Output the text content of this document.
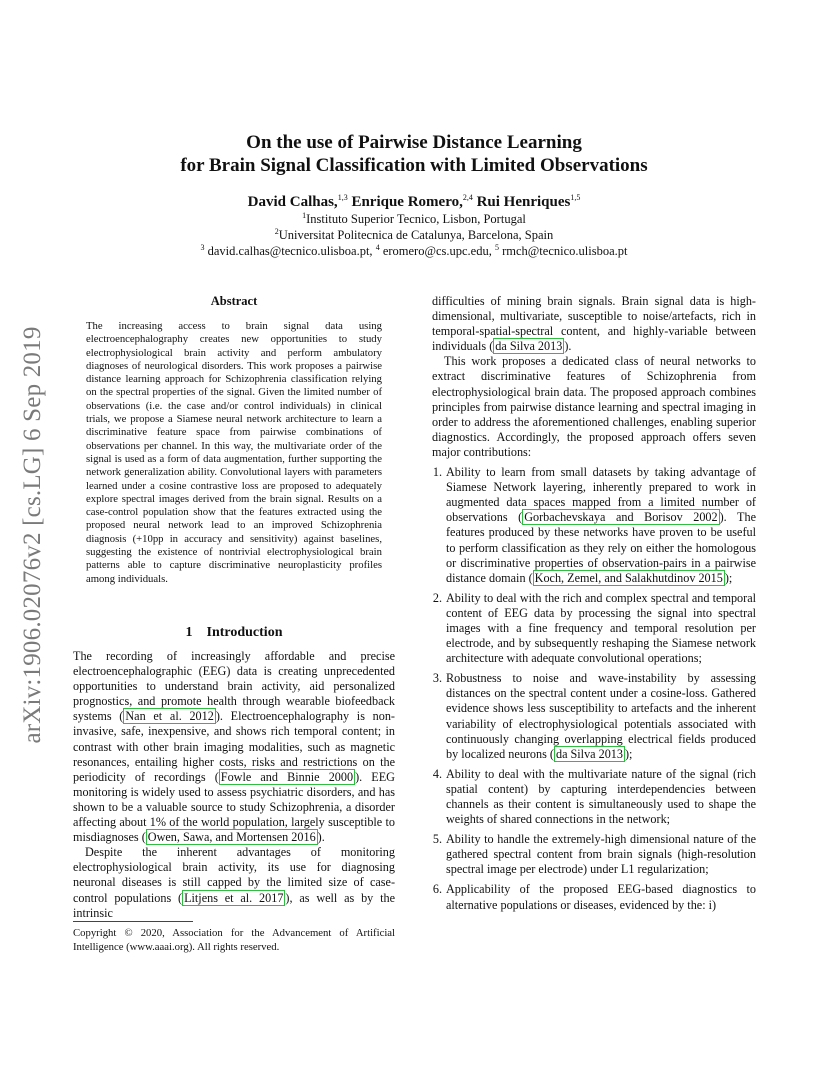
arXiv:1906.02076v2 [cs.LG] 6 Sep 2019
On the use of Pairwise Distance Learning
for Brain Signal Classification with Limited Observations
David Calhas,$^{1,3}$ Enrique Romero,$^{2,4}$ Rui Henriques$^{1,5}$
$^1$Instituto Superior Tecnico, Lisbon, Portugal
$^2$Universitat Politecnica de Catalunya, Barcelona, Spain
$^3$ david.calhas@tecnico.ulisboa.pt, $^4$ eromero@cs.upc.edu, $^5$ rmch@tecnico.ulisboa.pt
Abstract

The increasing access to brain signal data using electroencephalography creates new opportunities to study electrophysiological brain activity and perform ambulatory diagnoses of neurological disorders. This work proposes a pairwise distance learning approach for Schizophrenia classification relying on the spectral properties of the signal. Given the limited number of observations (i.e. the case and/or control individuals) in clinical trials, we propose a Siamese neural network architecture to learn a discriminative feature space from pairwise combinations of observations per channel. In this way, the multivariate order of the signal is used as a form of data augmentation, further supporting the network generalization ability. Convolutional layers with parameters learned under a cosine contrastive loss are proposed to adequately explore spectral images derived from the brain signal. Results on a case-control population show that the features extracted using the proposed neural network lead to an improved Schizophrenia diagnosis (+10pp in accuracy and sensitivity) against baselines, suggesting the existence of nontrivial electrophysiological brain patterns able to capture discriminative neuroplasticity profiles among individuals.

1 Introduction

The recording of increasingly affordable and precise electroencephalographic (EEG) data is creating unprecedented opportunities to understand brain activity, aid personalized prognostics, and promote health through wearable biofeedback systems ( Nan et al. 2012 ). Electroencephalography is non-invasive, safe, inexpensive, and shows rich temporal content; in contrast with other brain imaging modalities, such as magnetic resonances, entailing higher costs, risks and restrictions on the periodicity of recordings ( Fowle and Binnie 2000 ). EEG monitoring is widely used to assess psychiatric disorders, and has shown to be a valuable source to study Schizophrenia, a disorder affecting about 1% of the world population, largely susceptible to misdiagnoses ( Owen, Sawa, and Mortensen 2016 ).

Despite the inherent advantages of monitoring electrophysiological brain activity, its use for diagnosing neuronal diseases is still capped by the limited size of case-control populations ( Litjens et al. 2017 ), as well as by the intrinsic

Copyright © 2020, Association for the Advancement of Artificial Intelligence (www.aaai.org). All rights reserved.

difficulties of mining brain signals. Brain signal data is high-dimensional, multivariate, susceptible to noise/artefacts, rich in temporal-spatial-spectral content, and highly-variable between individuals ( da Silva 2013 ).

This work proposes a dedicated class of neural networks to extract discriminative features of Schizophrenia from electrophysiological brain data. The proposed approach combines principles from pairwise distance learning and spectral imaging in order to address the aforementioned challenges, enabling superior diagnostics. Accordingly, the proposed approach offers seven major contributions:

1. Ability to learn from small datasets by taking advantage of Siamese Network layering, inherently prepared to work in augmented data spaces mapped from a limited number of observations ( Gorbachevskaya and Borisov 2002 ). The features produced by these networks have proven to be useful to perform classification as they rely on either the homologous or discriminative properties of observation-pairs in a pairwise distance domain ( Koch, Zemel, and Salakhutdinov 2015 );
2. Ability to deal with the rich and complex spectral and temporal content of EEG data by processing the signal into spectral images with a fine frequency and temporal resolution per electrode, and by subsequently reshaping the Siamese network architecture with adequate convolutional operations;
3. Robustness to noise and wave-instability by assessing distances on the spectral content under a cosine-loss. Gathered evidence shows less susceptibility to artefacts and the inherent variability of electrophysiological potentials associated with continuously changing overlapping electrical fields produced by localized neurons ( da Silva 2013 );
4. Ability to deal with the multivariate nature of the signal (rich spatial content) by capturing interdependencies between channels as their content is simultaneously used to shape the weights of shared connections in the network;
5. Ability to handle the extremely-high dimensional nature of the gathered spectral content from brain signals (high-resolution spectral image per electrode) under L1 regularization;
6. Applicability of the proposed EEG-based diagnostics to alternative populations or diseases, evidenced by the: i)
